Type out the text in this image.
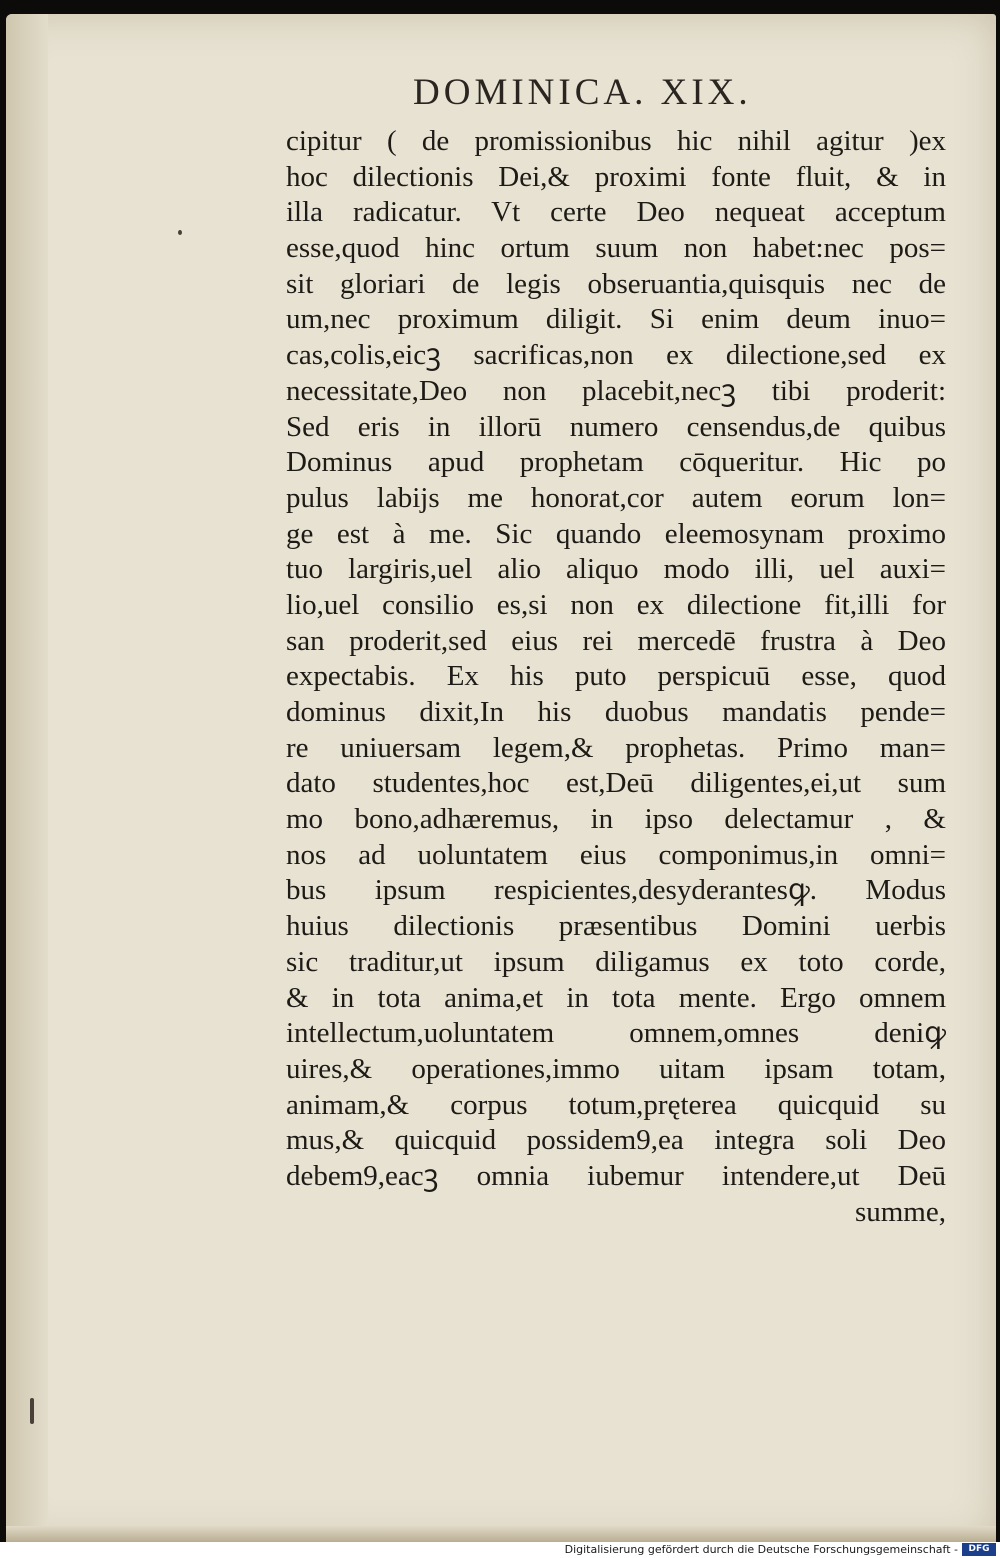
DOMINICA. XIX.
cipitur ( de promissionibus hic nihil agitur )ex
hoc dilectionis Dei,& proximi fonte fluit, & in
illa radicatur. Vt certe Deo nequeat acceptum
esse,quod hinc ortum suum non habet:nec pos=
sit gloriari de legis obseruantia,quisquis nec de
um,nec proximum diligit. Si enim deum inuo=
cas,colis,eicꝫ sacrificas,non ex dilectione,sed ex
necessitate,Deo non placebit,necꝫ tibi proderit:
Sed eris in illorū numero censendus,de quibus
Dominus apud prophetam cōqueritur. Hic po
pulus labijs me honorat,cor autem eorum lon=
ge est à me. Sic quando eleemosynam proximo
tuo largiris,uel alio aliquo modo illi, uel auxi=
lio,uel consilio es,si non ex dilectione fit,illi for
san proderit,sed eius rei mercedē frustra à Deo
expectabis. Ex his puto perspicuū esse, quod
dominus dixit,In his duobus mandatis pende=
re uniuersam legem,& prophetas. Primo man=
dato studentes,hoc est,Deū diligentes,ei,ut sum
mo bono,adhæremus, in ipso delectamur , &
nos ad uoluntatem eius componimus,in omni=
bus ipsum respicientes,desyderantesꝙ. Modus
huius dilectionis præsentibus Domini uerbis
sic traditur,ut ipsum diligamus ex toto corde,
& in tota anima,et in tota mente. Ergo omnem
intellectum,uoluntatem omnem,omnes deniꝙ
uires,& operationes,immo uitam ipsam totam,
animam,& corpus totum,pręterea quicquid su
mus,& quicquid possidem9,ea integra soli Deo
debem9,eacꝫ omnia iubemur intendere,ut Deū
summe,
Digitalisierung gefördert durch die Deutsche Forschungsgemeinschaft -	DFG
